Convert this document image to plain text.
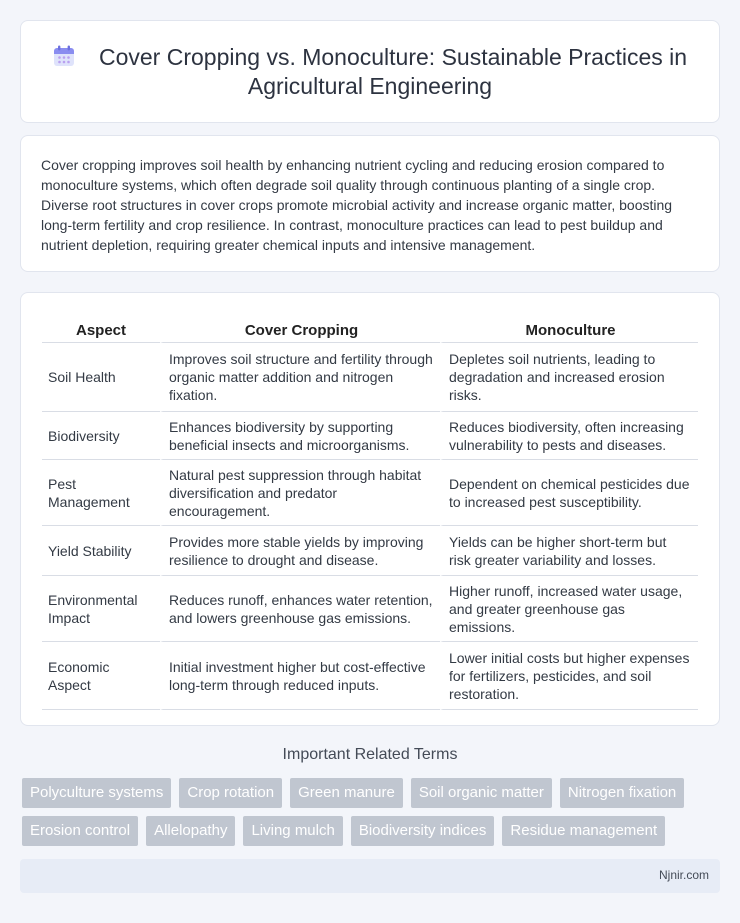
Cover Cropping vs. Monoculture: Sustainable Practices in Agricultural Engineering

Cover cropping improves soil health by enhancing nutrient cycling and reducing erosion compared to monoculture systems, which often degrade soil quality through continuous planting of a single crop. Diverse root structures in cover crops promote microbial activity and increase organic matter, boosting long-term fertility and crop resilience. In contrast, monoculture practices can lead to pest buildup and nutrient depletion, requiring greater chemical inputs and intensive management.

Aspect	Cover Cropping	Monoculture
Soil Health	Improves soil structure and fertility through organic matter addition and nitrogen fixation.	Depletes soil nutrients, leading to degradation and increased erosion risks.
Biodiversity	Enhances biodiversity by supporting beneficial insects and microorganisms.	Reduces biodiversity, often increasing vulnerability to pests and diseases.
Pest Management	Natural pest suppression through habitat diversification and predator encouragement.	Dependent on chemical pesticides due to increased pest susceptibility.
Yield Stability	Provides more stable yields by improving resilience to drought and disease.	Yields can be higher short-term but risk greater variability and losses.
Environmental Impact	Reduces runoff, enhances water retention, and lowers greenhouse gas emissions.	Higher runoff, increased water usage, and greater greenhouse gas emissions.
Economic Aspect	Initial investment higher but cost-effective long-term through reduced inputs.	Lower initial costs but higher expenses for fertilizers, pesticides, and soil restoration.
Important Related Terms
Polyculture systems	Crop rotation	Green manure	Soil organic matter	Nitrogen fixation
Erosion control	Allelopathy	Living mulch	Biodiversity indices	Residue management
Njnir.com
